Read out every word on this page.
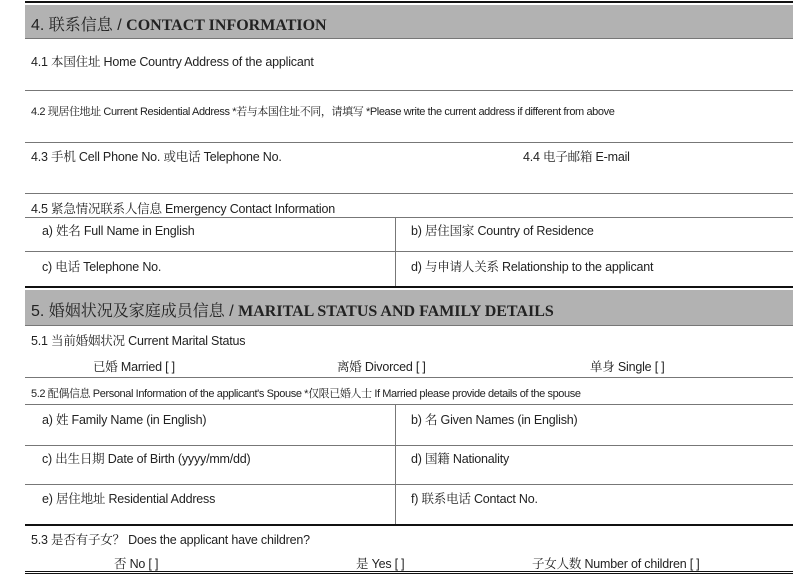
4. 联系信息 / CONTACT INFORMATION
4.1 本国住址 Home Country Address of the applicant
4.2 现居住地址 Current Residential Address *若与本国住址不同，请填写 *Please write the current address if different from above
4.3 手机 Cell Phone No. 或电话 Telephone No.	4.4 电子邮箱 E-mail
4.5 紧急情况联系人信息 Emergency Contact Information
a) 姓名 Full Name in English	b) 居住国家 Country of Residence
c) 电话 Telephone No.	d) 与申请人关系 Relationship to the applicant
5. 婚姻状况及家庭成员信息 / MARITAL STATUS AND FAMILY DETAILS
5.1 当前婚姻状况 Current Marital Status
已婚 Married [ ]	离婚 Divorced [ ]	单身 Single [ ]
5.2 配偶信息 Personal Information of the applicant's Spouse *仅限已婚人士 If Married please provide details of the spouse
a) 姓 Family Name (in English)	b) 名 Given Names (in English)
c) 出生日期 Date of Birth (yyyy/mm/dd)	d) 国籍 Nationality
e) 居住地址 Residential Address	f) 联系电话 Contact No.
5.3 是否有子女？ Does the applicant have children?
否 No [ ]	是 Yes [ ]	子女人数 Number of children [ ]
